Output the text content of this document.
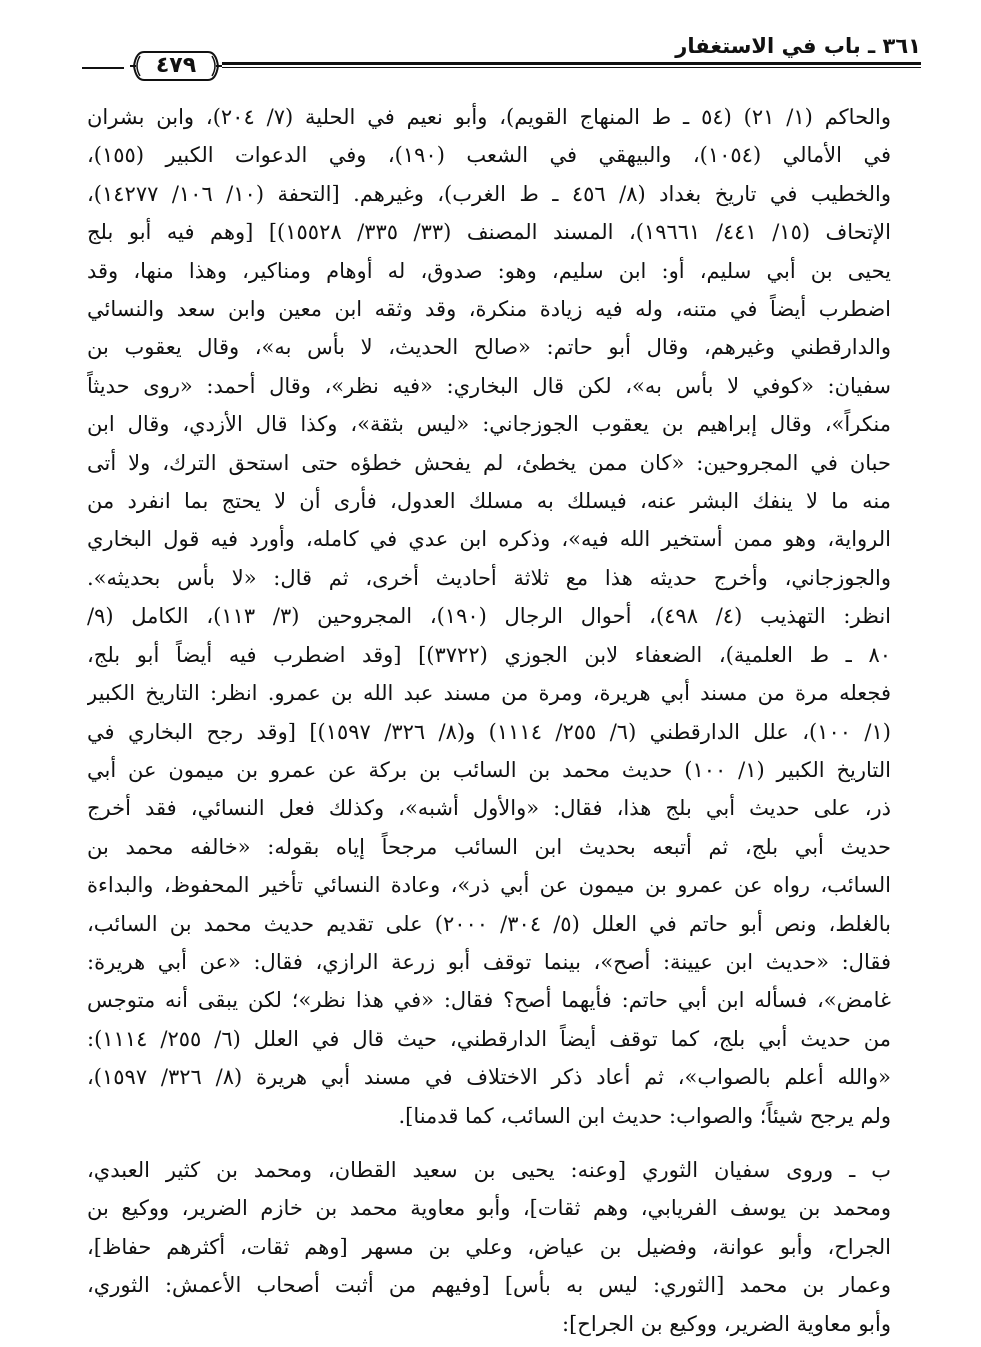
٣٦١ ـ باب في الاستغفار
٤٧٩

والحاكم (١/ ٢١) (٥٤ ـ ط المنهاج القويم)، وأبو نعيم في الحلية (٧/ ٢٠٤)، وابن بشران

في الأمالي (١٠٥٤)، والبيهقي في الشعب (١٩٠)، وفي الدعوات الكبير (١٥٥)،

والخطيب في تاريخ بغداد (٨/ ٤٥٦ ـ ط الغرب)، وغيرهم. [التحفة (١٠/ ١٠٦/ ١٤٢٧٧)،

الإتحاف (١٥/ ٤٤١/ ١٩٦٦١)، المسند المصنف (٣٣/ ٣٣٥/ ١٥٥٢٨)] [وهم فيه أبو بلج

يحيى بن أبي سليم، أو: ابن سليم، وهو: صدوق، له أوهام ومناكير، وهذا منها، وقد

اضطرب أيضاً في متنه، وله فيه زيادة منكرة، وقد وثقه ابن معين وابن سعد والنسائي

والدارقطني وغيرهم، وقال أبو حاتم: «صالح الحديث، لا بأس به»، وقال يعقوب بن

سفيان: «كوفي لا بأس به»، لكن قال البخاري: «فيه نظر»، وقال أحمد: «روى حديثاً

منكراً»، وقال إبراهيم بن يعقوب الجوزجاني: «ليس بثقة»، وكذا قال الأزدي، وقال ابن

حبان في المجروحين: «كان ممن يخطئ، لم يفحش خطؤه حتى استحق الترك، ولا أتى

منه ما لا ينفك البشر عنه، فيسلك به مسلك العدول، فأرى أن لا يحتج بما انفرد من

الرواية، وهو ممن أستخير الله فيه»، وذكره ابن عدي في كامله، وأورد فيه قول البخاري

والجوزجاني، وأخرج حديثه هذا مع ثلاثة أحاديث أخرى، ثم قال: «لا بأس بحديثه».

انظر: التهذيب (٤/ ٤٩٨)، أحوال الرجال (١٩٠)، المجروحين (٣/ ١١٣)، الكامل (٩/

٨٠ ـ ط العلمية)، الضعفاء لابن الجوزي (٣٧٢٢)] [وقد اضطرب فيه أيضاً أبو بلج،

فجعله مرة من مسند أبي هريرة، ومرة من مسند عبد الله بن عمرو. انظر: التاريخ الكبير

(١/ ١٠٠)، علل الدارقطني (٦/ ٢٥٥/ ١١١٤) و(٨/ ٣٢٦/ ١٥٩٧)] [وقد رجح البخاري في

التاريخ الكبير (١/ ١٠٠) حديث محمد بن السائب بن بركة عن عمرو بن ميمون عن أبي

ذر، على حديث أبي بلج هذا، فقال: «والأول أشبه»، وكذلك فعل النسائي، فقد أخرج

حديث أبي بلج، ثم أتبعه بحديث ابن السائب مرجحاً إياه بقوله: «خالفه محمد بن

السائب، رواه عن عمرو بن ميمون عن أبي ذر»، وعادة النسائي تأخير المحفوظ، والبداءة

بالغلط، ونص أبو حاتم في العلل (٥/ ٣٠٤/ ٢٠٠٠) على تقديم حديث محمد بن السائب،

فقال: «حديث ابن عيينة: أصح»، بينما توقف أبو زرعة الرازي، فقال: «عن أبي هريرة:

غامض»، فسأله ابن أبي حاتم: فأيهما أصح؟ فقال: «في هذا نظر»؛ لكن يبقى أنه متوجس

من حديث أبي بلج، كما توقف أيضاً الدارقطني، حيث قال في العلل (٦/ ٢٥٥/ ١١١٤):

«والله أعلم بالصواب»، ثم أعاد ذكر الاختلاف في مسند أبي هريرة (٨/ ٣٢٦/ ١٥٩٧)،

ولم يرجح شيئاً؛ والصواب: حديث ابن السائب، كما قدمنا].

ب ـ وروى سفيان الثوري [وعنه: يحيى بن سعيد القطان، ومحمد بن كثير العبدي،

ومحمد بن يوسف الفريابي، وهم ثقات]، وأبو معاوية محمد بن خازم الضرير، ووكيع بن

الجراح، وأبو عوانة، وفضيل بن عياض، وعلي بن مسهر [وهم ثقات، أكثرهم حفاظ]،

وعمار بن محمد [الثوري: ليس به بأس] [وفيهم من أثبت أصحاب الأعمش: الثوري،

وأبو معاوية الضرير، ووكيع بن الجراح]:
